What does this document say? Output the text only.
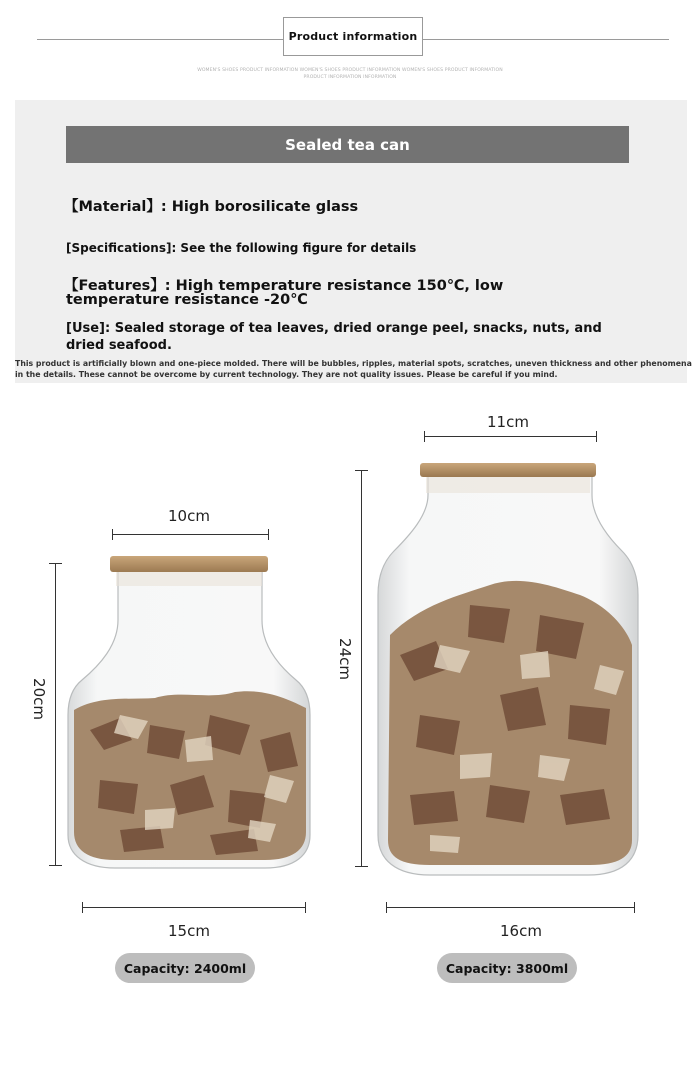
Product information
WOMEN'S SHOES PRODUCT INFORMATION WOMEN'S SHOES PRODUCT INFORMATION WOMEN'S SHOES PRODUCT INFORMATION
PRODUCT INFORMATION INFORMATION
Sealed tea can
【Material】: High borosilicate glass
[Specifications]: See the following figure for details
【Features】: High temperature resistance 150℃, low
temperature resistance -20℃
[Use]: Sealed storage of tea leaves, dried orange peel, snacks, nuts, and
dried seafood.
This product is artificially blown and one-piece molded. There will be bubbles, ripples, material spots, scratches, uneven thickness and other phenomena
in the details. These cannot be overcome by current technology. They are not quality issues. Please be careful if you mind.
10cm
20cm
15cm
Capacity: 2400ml
11cm
24cm
16cm
Capacity: 3800ml
